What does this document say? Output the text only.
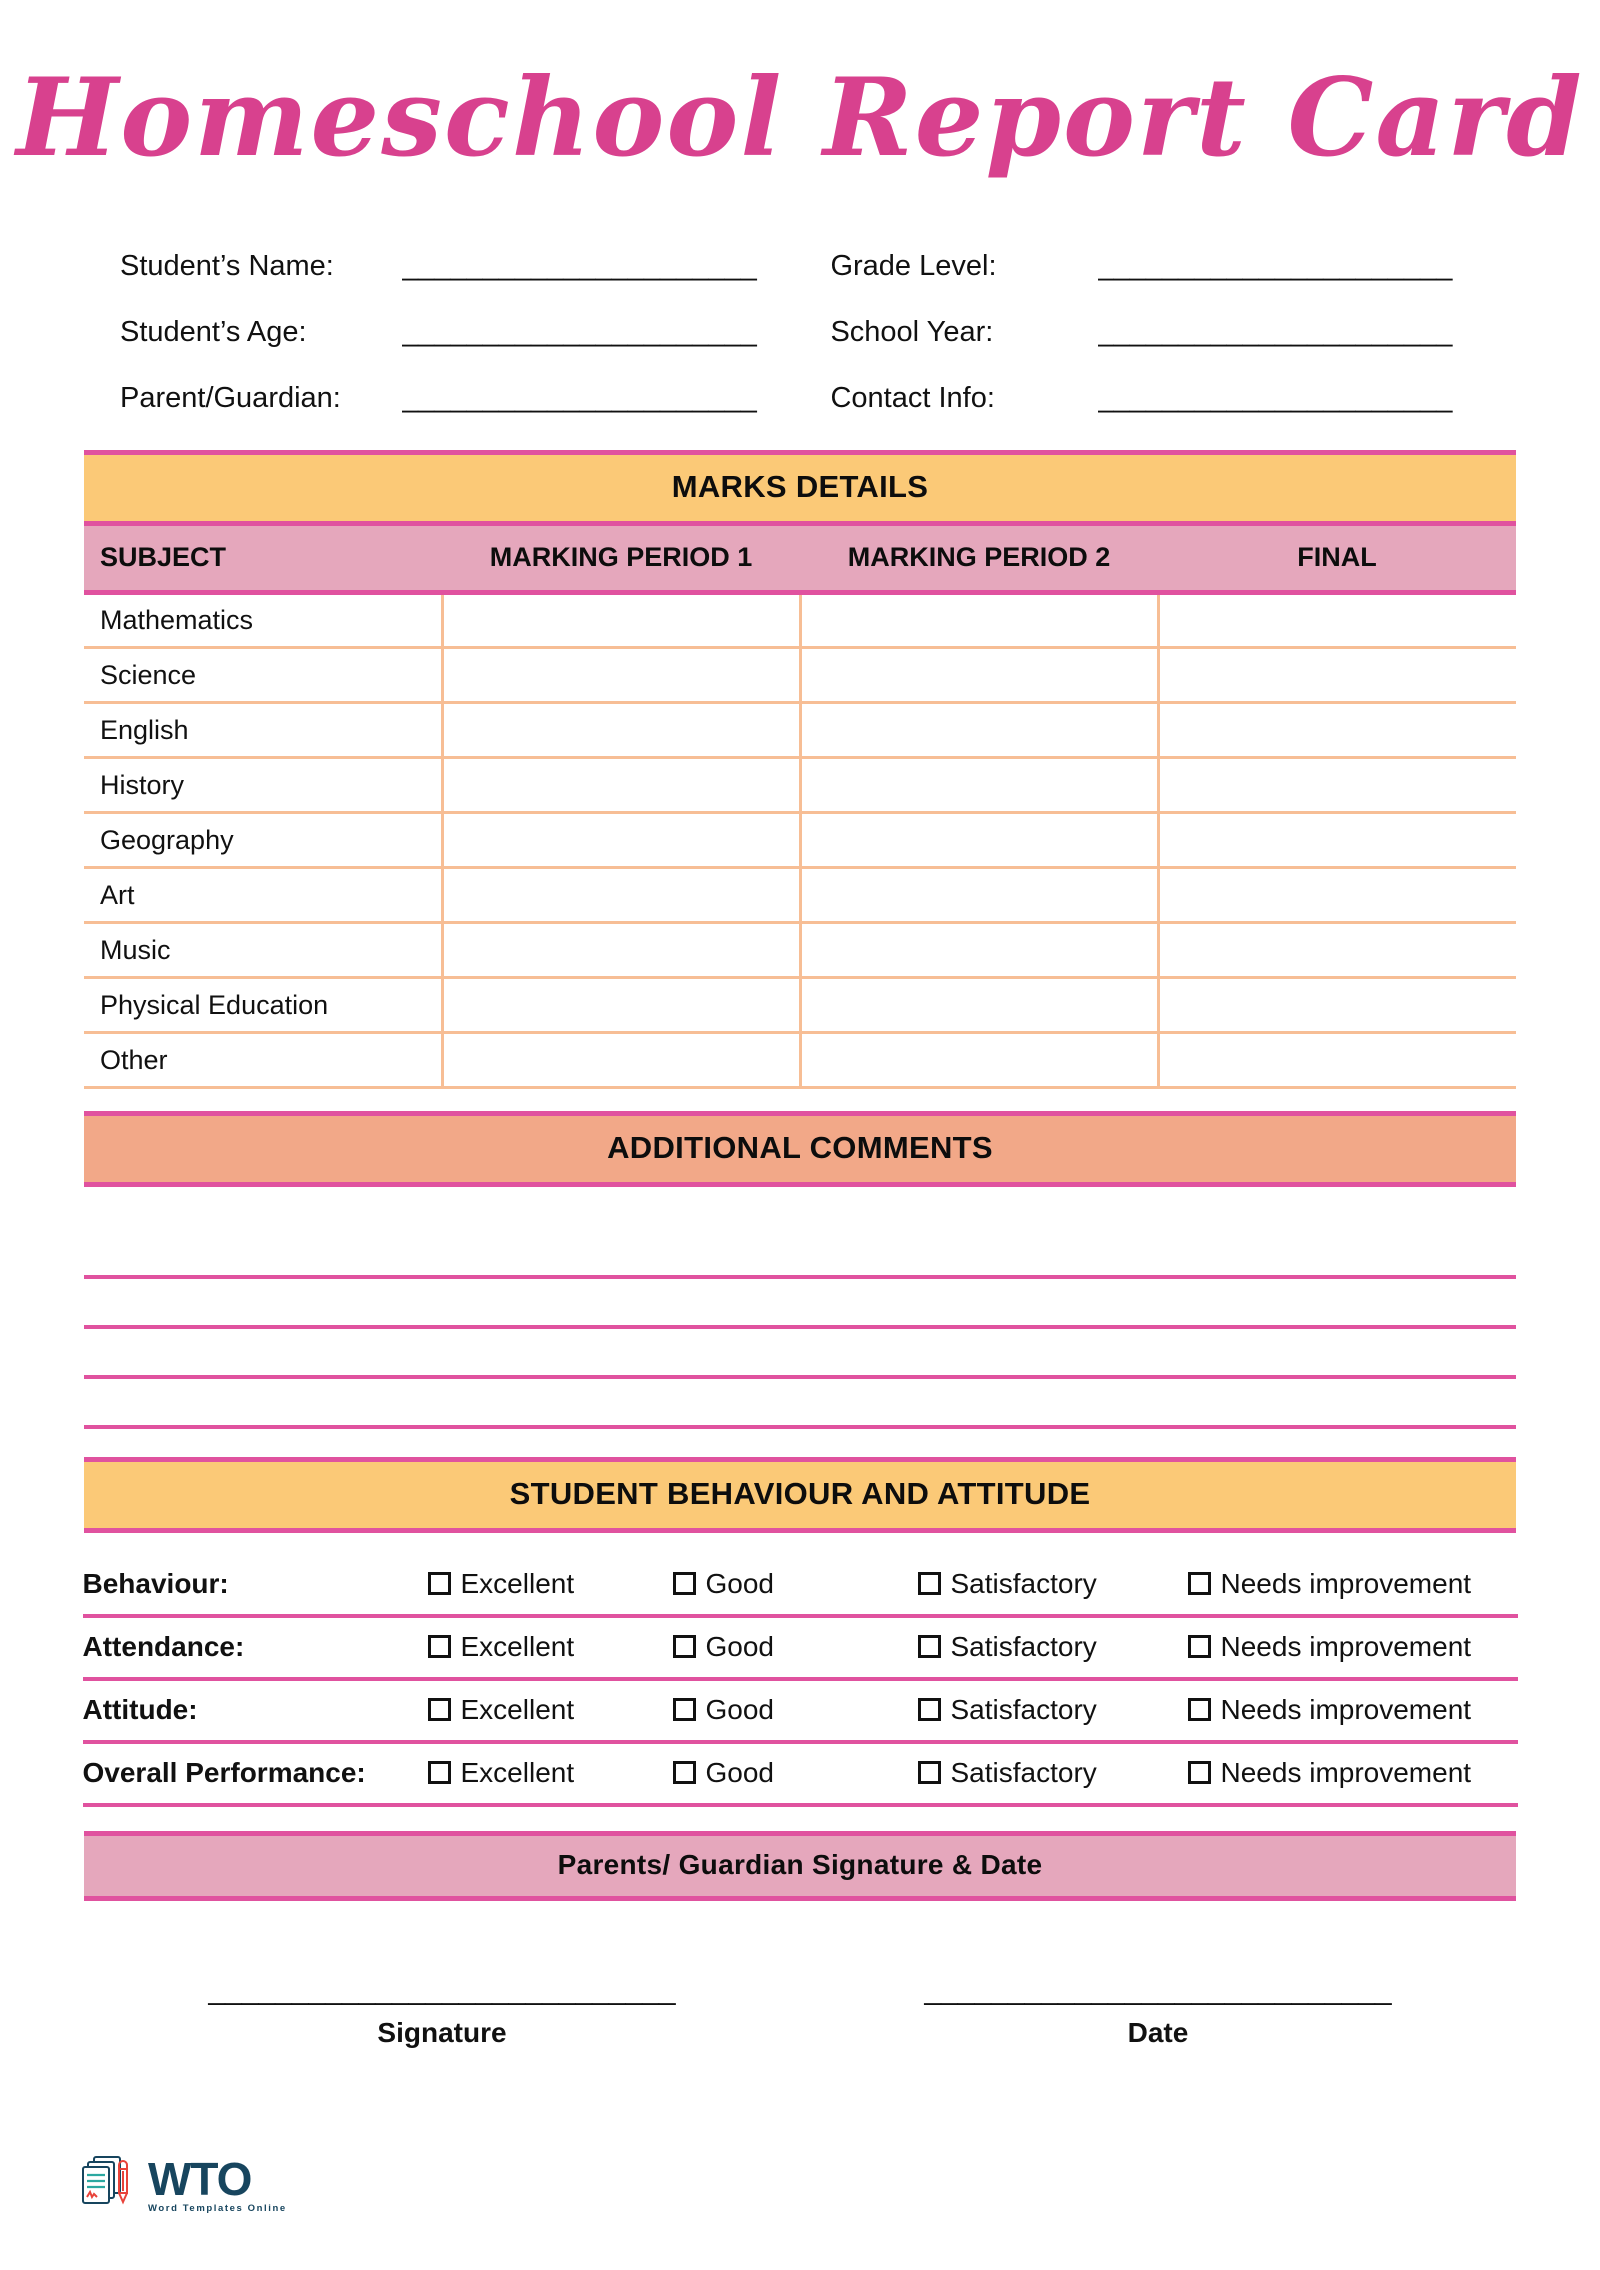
Homeschool Report Card
Student’s Name:	______________________	Grade Level:	______________________
Student’s Age:	______________________	School Year:	______________________
Parent/Guardian:	______________________	Contact Info:	______________________
MARKS DETAILS
SUBJECT	MARKING PERIOD 1	MARKING PERIOD 2	FINAL
Mathematics			
Science			
English			
History			
Geography			
Art			
Music			
Physical Education			
Other			
ADDITIONAL COMMENTS
STUDENT BEHAVIOUR AND ATTITUDE
Behaviour:	Excellent	Good	Satisfactory	Needs improvement
Attendance:	Excellent	Good	Satisfactory	Needs improvement
Attitude:	Excellent	Good	Satisfactory	Needs improvement
Overall Performance:	Excellent	Good	Satisfactory	Needs improvement
Parents/ Guardian Signature & Date
____________________________
Signature
____________________________
Date
WTO
Word Templates Online
